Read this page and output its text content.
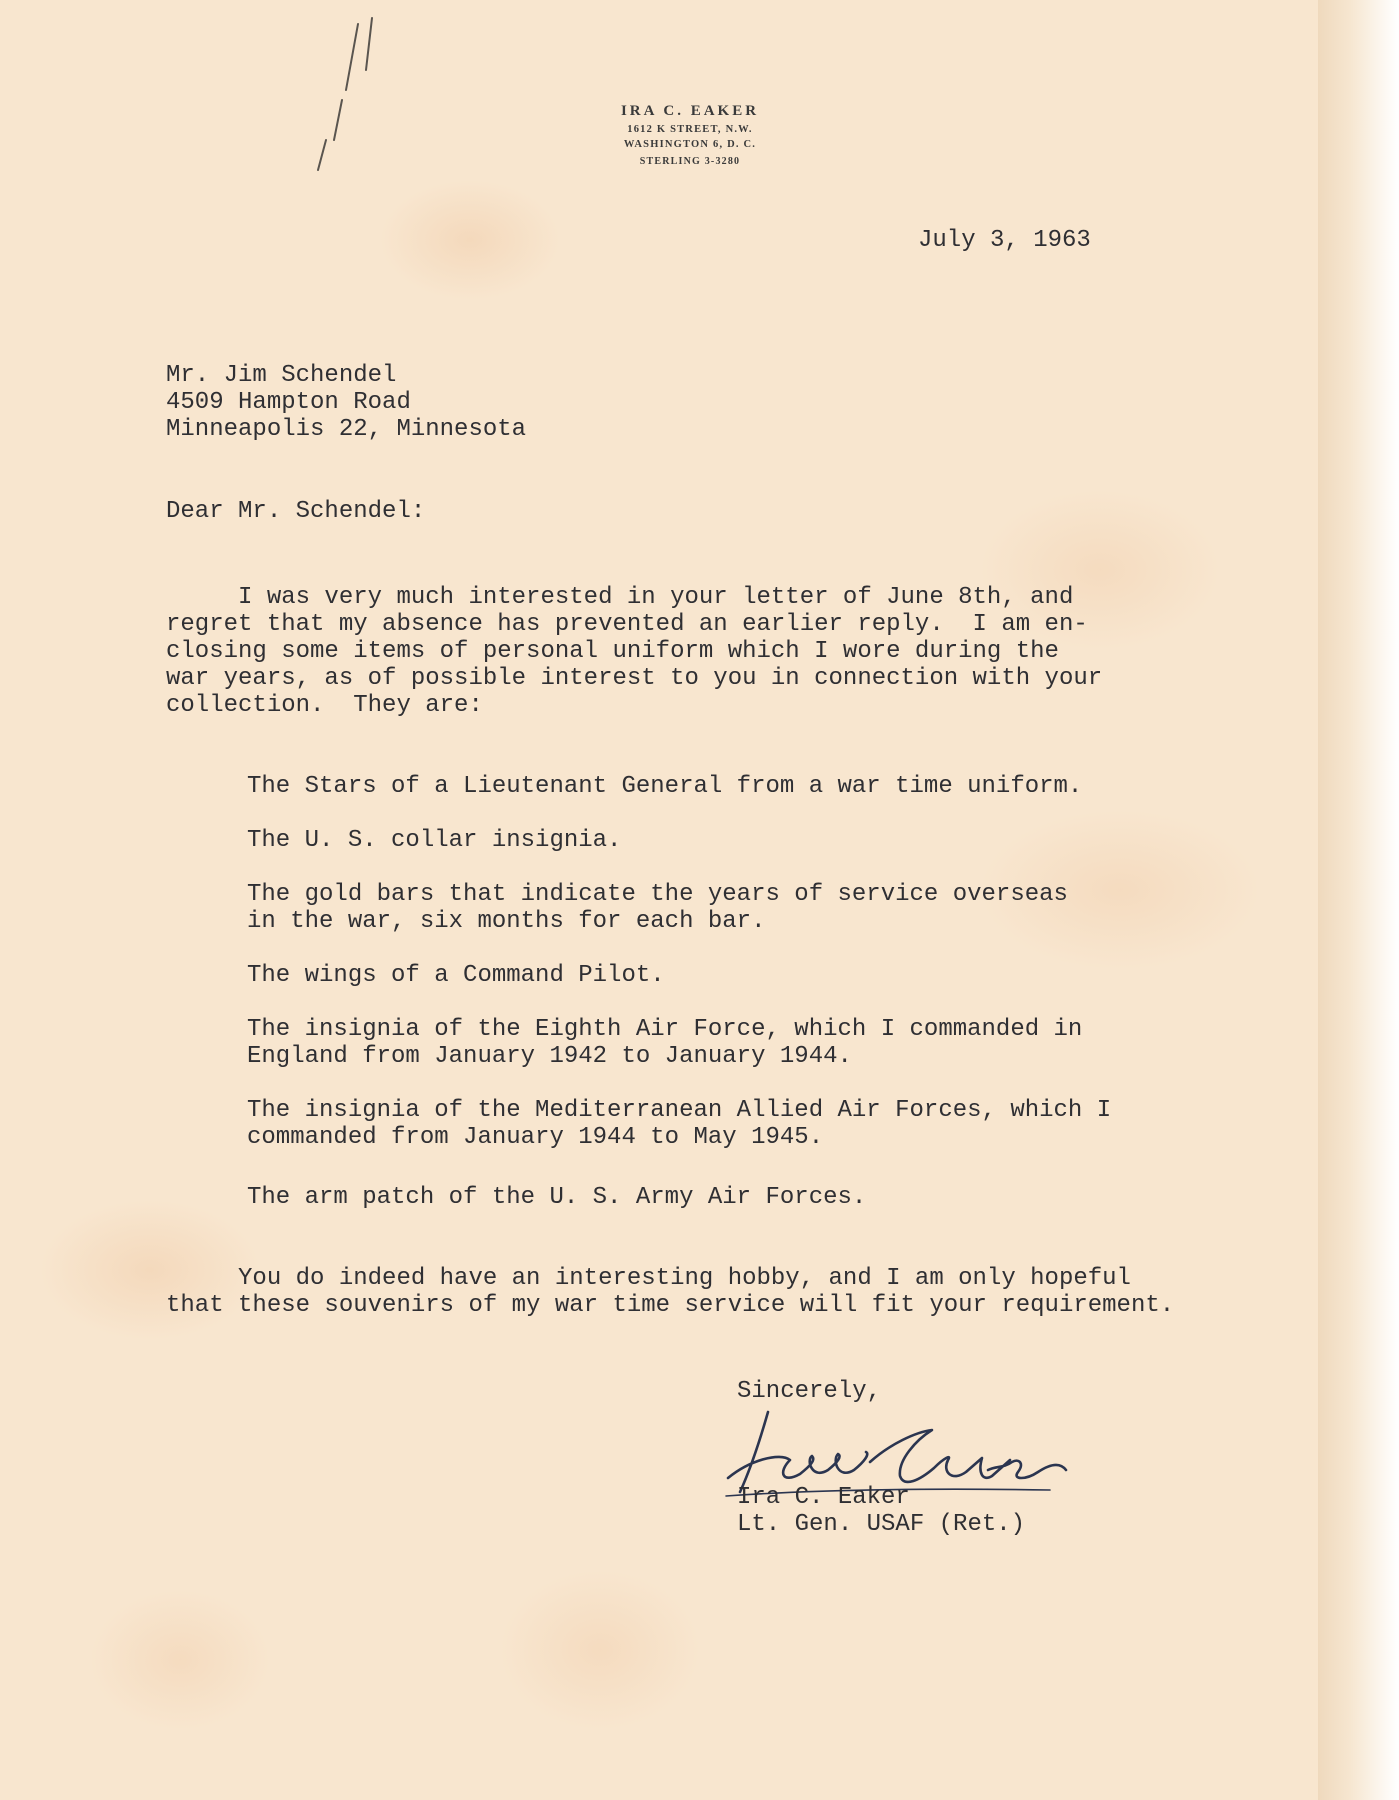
IRA C. EAKER
1612 K STREET, N.W.
WASHINGTON 6, D. C.
STERLING 3-3280
July 3, 1963
Mr. Jim Schendel
4509 Hampton Road
Minneapolis 22, Minnesota
Dear Mr. Schendel:
I was very much interested in your letter of June 8th, and
regret that my absence has prevented an earlier reply.  I am en-
closing some items of personal uniform which I wore during the
war years, as of possible interest to you in connection with your
collection.  They are:
The Stars of a Lieutenant General from a war time uniform.
The U. S. collar insignia.
The gold bars that indicate the years of service overseas
in the war, six months for each bar.
The wings of a Command Pilot.
The insignia of the Eighth Air Force, which I commanded in
England from January 1942 to January 1944.
The insignia of the Mediterranean Allied Air Forces, which I
commanded from January 1944 to May 1945.
The arm patch of the U. S. Army Air Forces.
You do indeed have an interesting hobby, and I am only hopeful
that these souvenirs of my war time service will fit your requirement.
Sincerely,
Ira C. Eaker
Lt. Gen. USAF (Ret.)
